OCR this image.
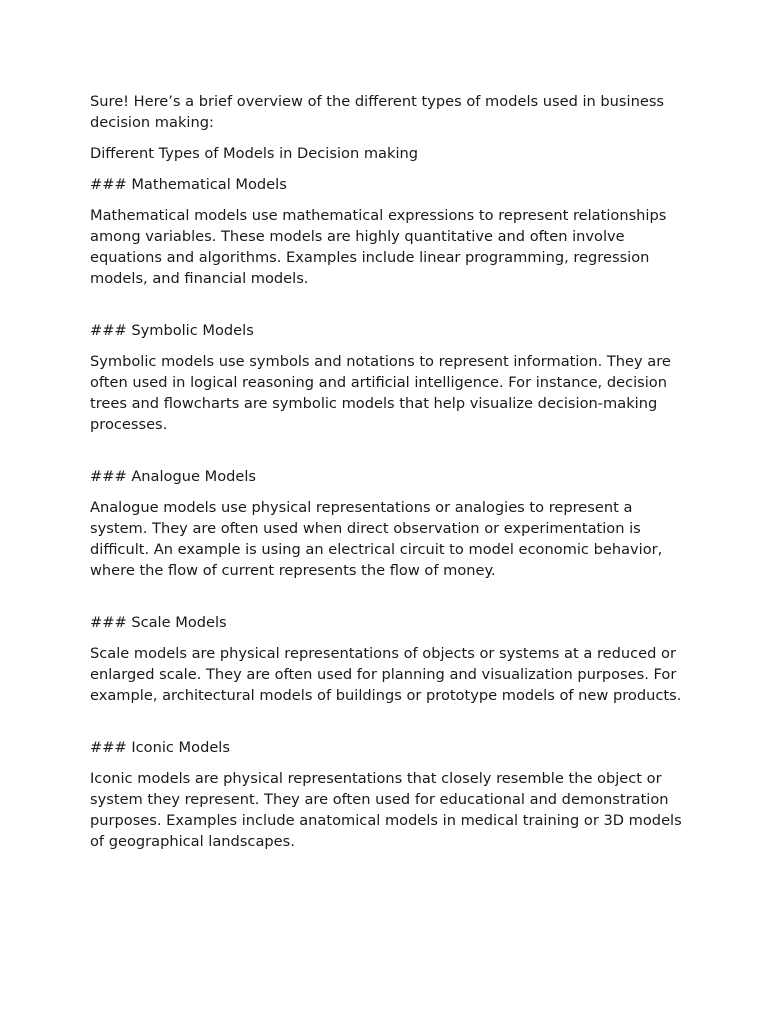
Sure! Here’s a brief overview of the different types of models used in business decision making:

Different Types of Models in Decision making

### Mathematical Models

Mathematical models use mathematical expressions to represent relationships among variables. These models are highly quantitative and often involve equations and algorithms. Examples include linear programming, regression models, and financial models.

### Symbolic Models

Symbolic models use symbols and notations to represent information. They are often used in logical reasoning and artificial intelligence. For instance, decision trees and flowcharts are symbolic models that help visualize decision-making processes.

### Analogue Models

Analogue models use physical representations or analogies to represent a system. They are often used when direct observation or experimentation is difficult. An example is using an electrical circuit to model economic behavior, where the flow of current represents the flow of money.

### Scale Models

Scale models are physical representations of objects or systems at a reduced or enlarged scale. They are often used for planning and visualization purposes. For example, architectural models of buildings or prototype models of new products.

### Iconic Models

Iconic models are physical representations that closely resemble the object or system they represent. They are often used for educational and demonstration purposes. Examples include anatomical models in medical training or 3D models of geographical landscapes.
